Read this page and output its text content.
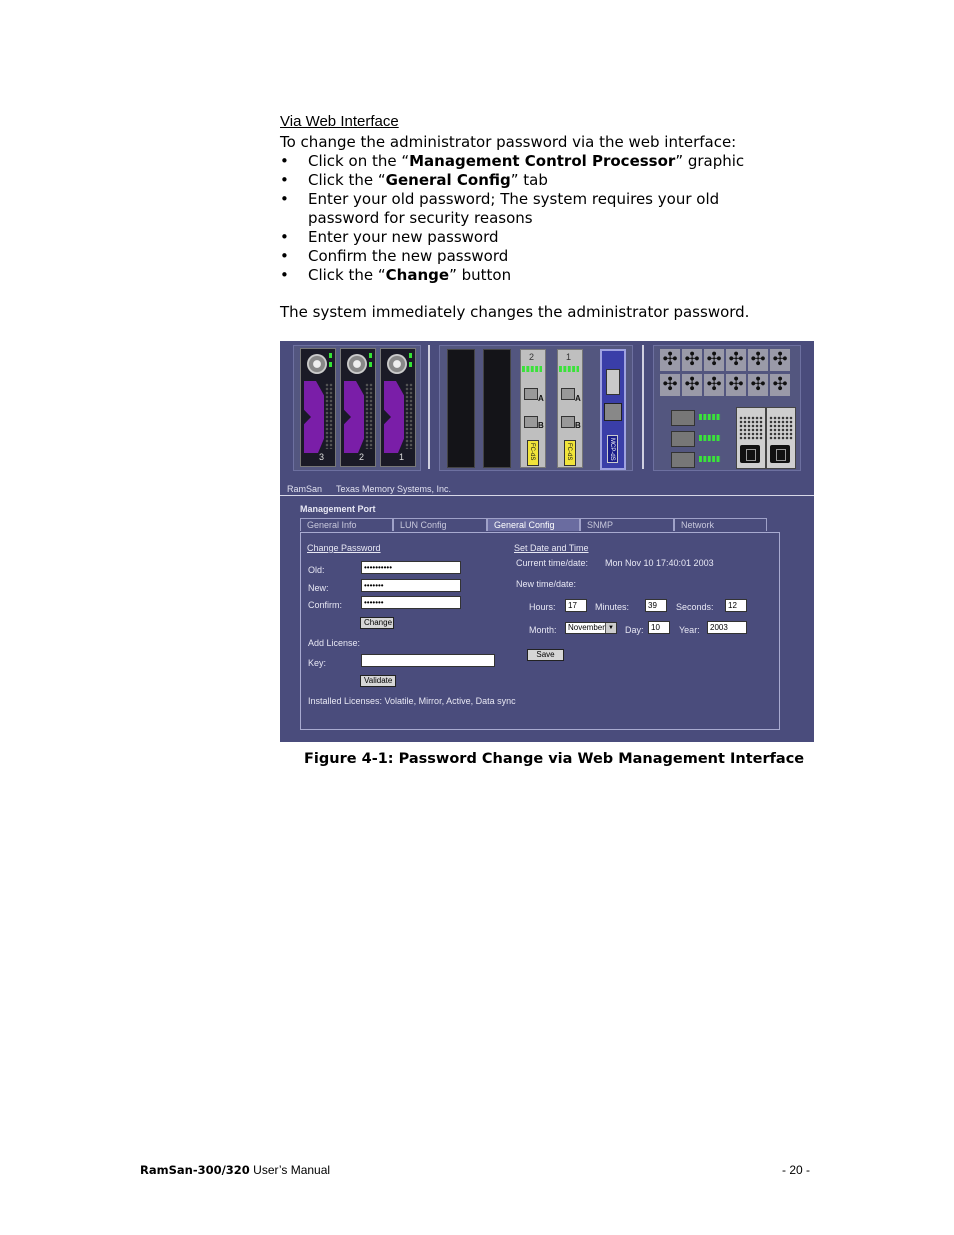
Via Web Interface
To change the administrator password via the web interface:
• Click on the “Management Control Processor” graphic
• Click the “General Config” tab
• Enter your old password; The system requires your old password for security reasons
• Enter your new password
• Confirm the new password
• Click the “Change” button
The system immediately changes the administrator password.
3	2	1
2
A
B
FC-dS
1
A
B
FC-dS	MCP-dS
✣ ✣ ✣ ✣ ✣ ✣
✣ ✣ ✣ ✣ ✣ ✣
RamSan Texas Memory Systems, Inc.
Management Port
General Info	LUN Config	General Config	SNMP	Network
Change Password
Old:	••••••••••
New:	•••••••
Confirm:	•••••••
Change
Add License:
Key:
Validate
Installed Licenses: Volatile, Mirror, Active, Data sync
Set Date and Time
Current time/date: Mon Nov 10 17:40:01 2003
New time/date:
Hours:	17	Minutes:	39	Seconds:	12
Month:	November ▼ Day: 10	Year:	2003
Save
Figure 4-1: Password Change via Web Management Interface
RamSan-300/320 User’s Manual	- 20 -
